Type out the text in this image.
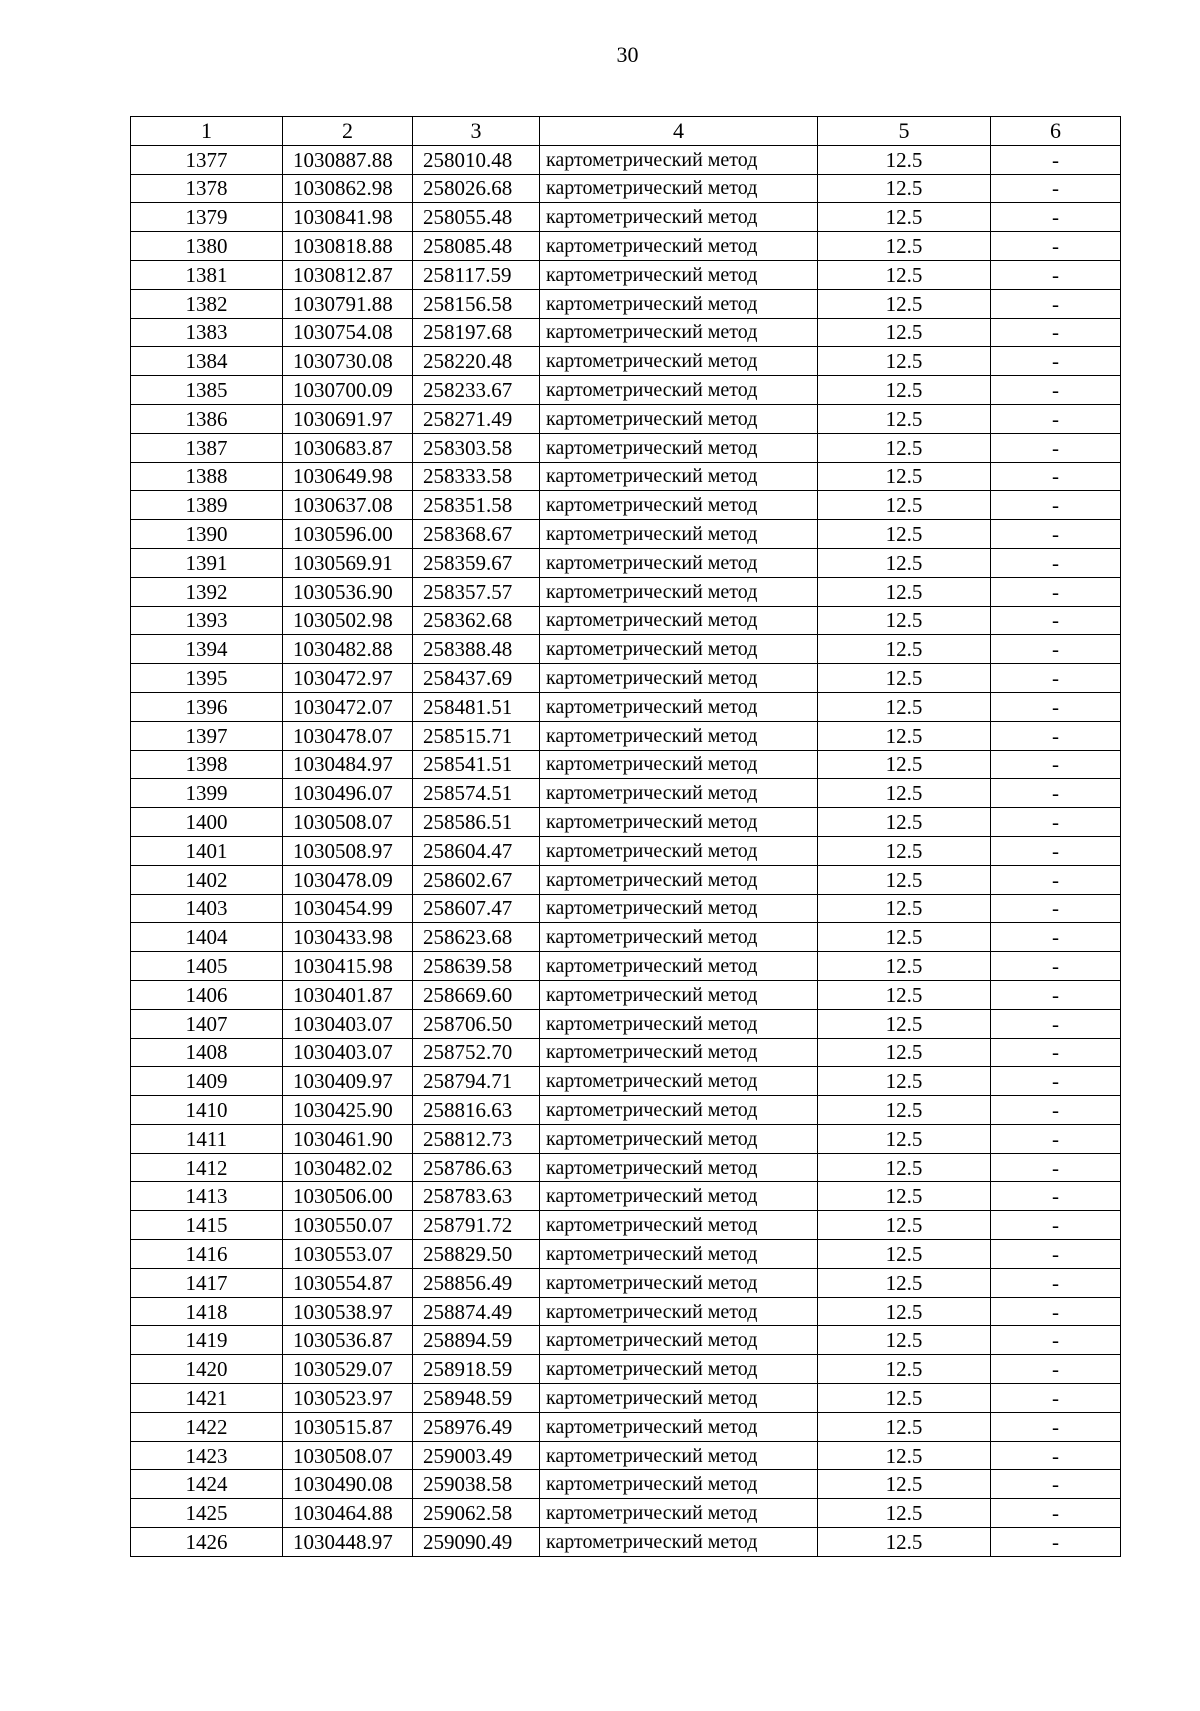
30
1	2	3	4	5	6
1377	1030887.88	258010.48	картометрический метод	12.5	-
1378	1030862.98	258026.68	картометрический метод	12.5	-
1379	1030841.98	258055.48	картометрический метод	12.5	-
1380	1030818.88	258085.48	картометрический метод	12.5	-
1381	1030812.87	258117.59	картометрический метод	12.5	-
1382	1030791.88	258156.58	картометрический метод	12.5	-
1383	1030754.08	258197.68	картометрический метод	12.5	-
1384	1030730.08	258220.48	картометрический метод	12.5	-
1385	1030700.09	258233.67	картометрический метод	12.5	-
1386	1030691.97	258271.49	картометрический метод	12.5	-
1387	1030683.87	258303.58	картометрический метод	12.5	-
1388	1030649.98	258333.58	картометрический метод	12.5	-
1389	1030637.08	258351.58	картометрический метод	12.5	-
1390	1030596.00	258368.67	картометрический метод	12.5	-
1391	1030569.91	258359.67	картометрический метод	12.5	-
1392	1030536.90	258357.57	картометрический метод	12.5	-
1393	1030502.98	258362.68	картометрический метод	12.5	-
1394	1030482.88	258388.48	картометрический метод	12.5	-
1395	1030472.97	258437.69	картометрический метод	12.5	-
1396	1030472.07	258481.51	картометрический метод	12.5	-
1397	1030478.07	258515.71	картометрический метод	12.5	-
1398	1030484.97	258541.51	картометрический метод	12.5	-
1399	1030496.07	258574.51	картометрический метод	12.5	-
1400	1030508.07	258586.51	картометрический метод	12.5	-
1401	1030508.97	258604.47	картометрический метод	12.5	-
1402	1030478.09	258602.67	картометрический метод	12.5	-
1403	1030454.99	258607.47	картометрический метод	12.5	-
1404	1030433.98	258623.68	картометрический метод	12.5	-
1405	1030415.98	258639.58	картометрический метод	12.5	-
1406	1030401.87	258669.60	картометрический метод	12.5	-
1407	1030403.07	258706.50	картометрический метод	12.5	-
1408	1030403.07	258752.70	картометрический метод	12.5	-
1409	1030409.97	258794.71	картометрический метод	12.5	-
1410	1030425.90	258816.63	картометрический метод	12.5	-
1411	1030461.90	258812.73	картометрический метод	12.5	-
1412	1030482.02	258786.63	картометрический метод	12.5	-
1413	1030506.00	258783.63	картометрический метод	12.5	-
1415	1030550.07	258791.72	картометрический метод	12.5	-
1416	1030553.07	258829.50	картометрический метод	12.5	-
1417	1030554.87	258856.49	картометрический метод	12.5	-
1418	1030538.97	258874.49	картометрический метод	12.5	-
1419	1030536.87	258894.59	картометрический метод	12.5	-
1420	1030529.07	258918.59	картометрический метод	12.5	-
1421	1030523.97	258948.59	картометрический метод	12.5	-
1422	1030515.87	258976.49	картометрический метод	12.5	-
1423	1030508.07	259003.49	картометрический метод	12.5	-
1424	1030490.08	259038.58	картометрический метод	12.5	-
1425	1030464.88	259062.58	картометрический метод	12.5	-
1426	1030448.97	259090.49	картометрический метод	12.5	-
